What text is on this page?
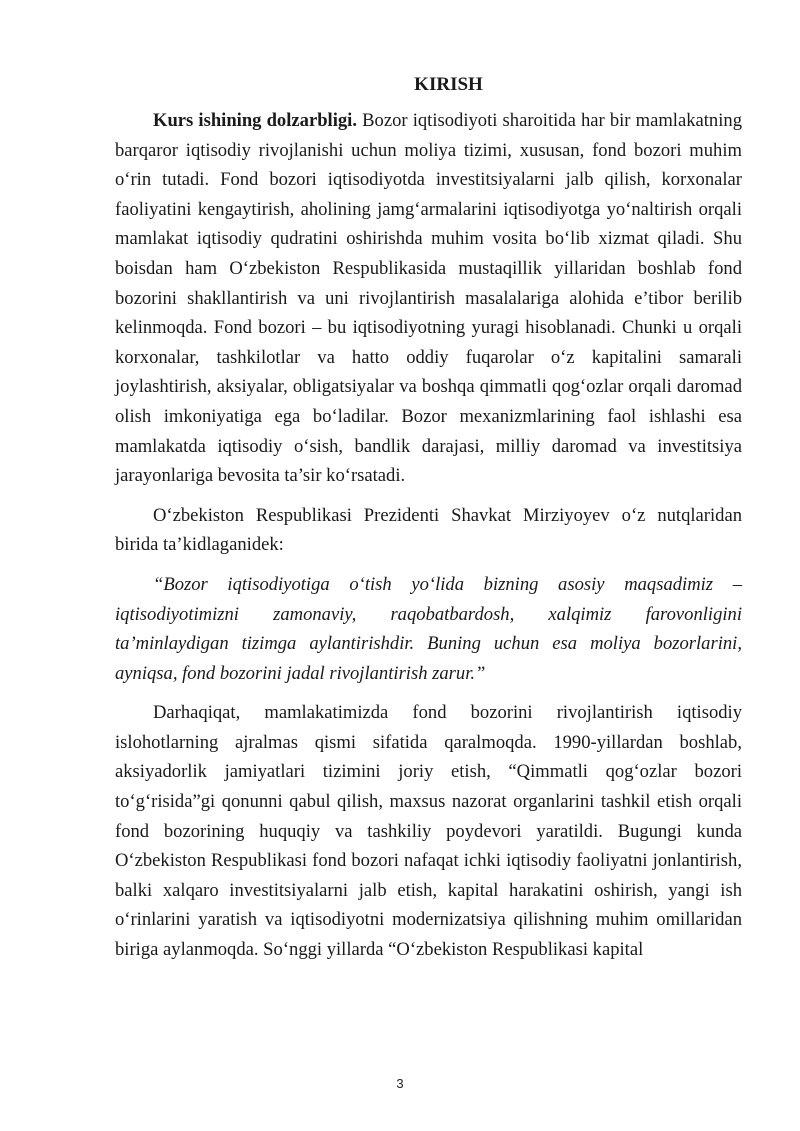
KIRISH

Kurs ishining dolzarbligi. Bozor iqtisodiyoti sharoitida har bir mamlakatning barqaror iqtisodiy rivojlanishi uchun moliya tizimi, xususan, fond bozori muhim o‘rin tutadi. Fond bozori iqtisodiyotda investitsiyalarni jalb qilish, korxonalar faoliyatini kengaytirish, aholining jamg‘armalarini iqtisodiyotga yo‘naltirish orqali mamlakat iqtisodiy qudratini oshirishda muhim vosita bo‘lib xizmat qiladi. Shu boisdan ham O‘zbekiston Respublikasida mustaqillik yillaridan boshlab fond bozorini shakllantirish va uni rivojlantirish masalalariga alohida e’tibor berilib kelinmoqda. Fond bozori – bu iqtisodiyotning yuragi hisoblanadi. Chunki u orqali korxonalar, tashkilotlar va hatto oddiy fuqarolar o‘z kapitalini samarali joylashtirish, aksiyalar, obligatsiyalar va boshqa qimmatli qog‘ozlar orqali daromad olish imkoniyatiga ega bo‘ladilar. Bozor mexanizmlarining faol ishlashi esa mamlakatda iqtisodiy o‘sish, bandlik darajasi, milliy daromad va investitsiya jarayonlariga bevosita ta’sir ko‘rsatadi.

O‘zbekiston Respublikasi Prezidenti Shavkat Mirziyoyev o‘z nutqlaridan birida ta’kidlaganidek:

“Bozor iqtisodiyotiga o‘tish yo‘lida bizning asosiy maqsadimiz – iqtisodiyotimizni zamonaviy, raqobatbardosh, xalqimiz farovonligini ta’minlaydigan tizimga aylantirishdir. Buning uchun esa moliya bozorlarini, ayniqsa, fond bozorini jadal rivojlantirish zarur.”

Darhaqiqat, mamlakatimizda fond bozorini rivojlantirish iqtisodiy islohotlarning ajralmas qismi sifatida qaralmoqda. 1990-yillardan boshlab, aksiyadorlik jamiyatlari tizimini joriy etish, “Qimmatli qog‘ozlar bozori to‘g‘risida”gi qonunni qabul qilish, maxsus nazorat organlarini tashkil etish orqali fond bozorining huquqiy va tashkiliy poydevori yaratildi. Bugungi kunda O‘zbekiston Respublikasi fond bozori nafaqat ichki iqtisodiy faoliyatni jonlantirish, balki xalqaro investitsiyalarni jalb etish, kapital harakatini oshirish, yangi ish o‘rinlarini yaratish va iqtisodiyotni modernizatsiya qilishning muhim omillaridan biriga aylanmoqda. So‘nggi yillarda “O‘zbekiston Respublikasi kapital

3
